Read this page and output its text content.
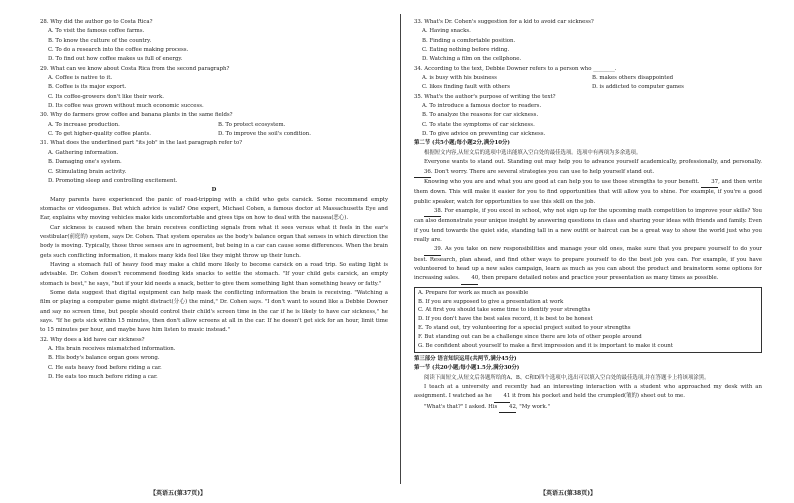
28. Why did the author go to Costa Rica?
A. To visit the famous coffee farms.
B. To know the culture of the country.
C. To do a research into the coffee making process.
D. To find out how coffee makes us full of energy.
29. What can we know about Costa Rica from the second paragraph?
A. Coffee is native to it.
B. Coffee is its major export.
C. Its coffee-growers don't like their work.
D. Its coffee was grown without much economic success.
30. Why do farmers grow coffee and banana plants in the same fields?
A. To increase production.	B. To protect ecosystem.
C. To get higher-quality coffee plants.	D. To improve the soil's condition.
31. What does the underlined part "its job" in the last paragraph refer to?
A. Gathering information.
B. Damaging one's system.
C. Stimulating brain activity.
D. Promoting sleep and controlling excitement.
D
Many parents have experienced the panic of road-tripping with a child who gets carsick. Some recommend empty stomachs or videogames. But which advice is valid? One expert, Michael Cohen, a famous doctor at Massachusetts Eye and Ear, explains why moving vehicles make kids uncomfortable and gives tips on how to deal with the nausea(恶心).
Car sickness is caused when the brain receives conflicting signals from what it sees versus what it feels in the ear's vestibular(前庭的) system, says Dr. Cohen. That system operates as the body's balance organ that senses in which direction the body is moving. Typically, those three senses are in agreement, but being in a car can cause some differences. When the brain gets such conflicting information, it makes many kids feel like they might throw up their lunch.
Having a stomach full of heavy food may make a child more likely to become carsick on a road trip. So eating light is advisable. Dr. Cohen doesn't recommend feeding kids snacks to settle the stomach. "If your child gets carsick, an empty stomach is best," he says, "but if your kid needs a snack, better to give them something light than something heavy or fatty."
Some data suggest that digital equipment can help mask the conflicting information the brain is receiving. "Watching a film or playing a computer game might distract(分心) the mind," Dr. Cohen says. "I don't want to sound like a Debbie Downer and say no screen time, but people should control their child's screen time in the car if he is likely to have car sickness," he says. "If he gets sick within 15 minutes, then don't allow screens at all in the car. If he doesn't get sick for an hour, limit time to 15 minutes per hour, and maybe have him listen to music instead."
32. Why does a kid have car sickness?
A. His brain receives mismatched information.
B. His body's balance organ goes wrong.
C. He eats heavy food before riding a car.
D. He eats too much before riding a car.
33. What's Dr. Cohen's suggestion for a kid to avoid car sickness?
A. Having snacks.
B. Finding a comfortable position.
C. Eating nothing before riding.
D. Watching a film on the cellphone.
34. According to the text, Debbie Downer refers to a person who ________.
A. is busy with his business	B. makes others disappointed
C. likes finding fault with others	D. is addicted to computer games
35. What's the author's purpose of writing the text?
A. To introduce a famous doctor to readers.
B. To analyze the reasons for car sickness.
C. To state the symptoms of car sickness.
D. To give advice on preventing car sickness.
第二节 (共5小题;每小题2分,满分10分)
根据短文内容,从短文后的选项中选出能填入空白处的最佳选项。选项中有两项为多余选项。
Everyone wants to stand out. Standing out may help you to advance yourself academically, professionally, and personally. 36. Don't worry. There are several strategies you can use to help yourself stand out.
Knowing who you are and what you are good at can help you to use those strengths to your benefit. 37, and then write them down. This will make it easier for you to find opportunities that will allow you to shine. For example, if you're a good public speaker, watch for opportunities to use this skill on the job.
38. For example, if you excel in school, why not sign up for the upcoming math competition to improve your skills? You can also demonstrate your unique insight by answering questions in class and sharing your ideas with friends and family. Even if you tend towards the quiet side, standing tall in a new outfit or haircut can be a great way to show the world just who you really are.
39. As you take on new responsibilities and manage your old ones, make sure that you prepare yourself to do your best. Research, plan ahead, and find other ways to prepare yourself to do the best job you can. For example, if you have volunteered to head up a new sales campaign, learn as much as you can about the product and brainstorm some options for increasing sales. 40, then prepare detailed notes and practice your presentation as many times as possible.
A. Prepare for work as much as possible
B. If you are supposed to give a presentation at work
C. At first you should take some time to identify your strengths
D. If you don't have the best sales record, it is best to be honest
E. To stand out, try volunteering for a special project suited to your strengths
F. But standing out can be a challenge since there are lots of other people around
G. Be confident about yourself to make a first impression and it is important to make it count
第三部分 语言知识运用(共两节,满分45分)
第一节 (共20小题;每小题1.5分,满分30分)
阅读下面短文,从短文后各题所给的A、B、C和D四个选项中,选出可以填入空白处的最佳选项,并在答题卡上将该项涂黑。
I teach at a university and recently had an interesting interaction with a student who approached my desk with an assignment. I watched as he 41 it from his pocket and held the crumpled(皱的) sheet out to me.
"What's that?" I asked. His 42, "My work."
【英语五(第37页)】	【英语五(第38页)】
